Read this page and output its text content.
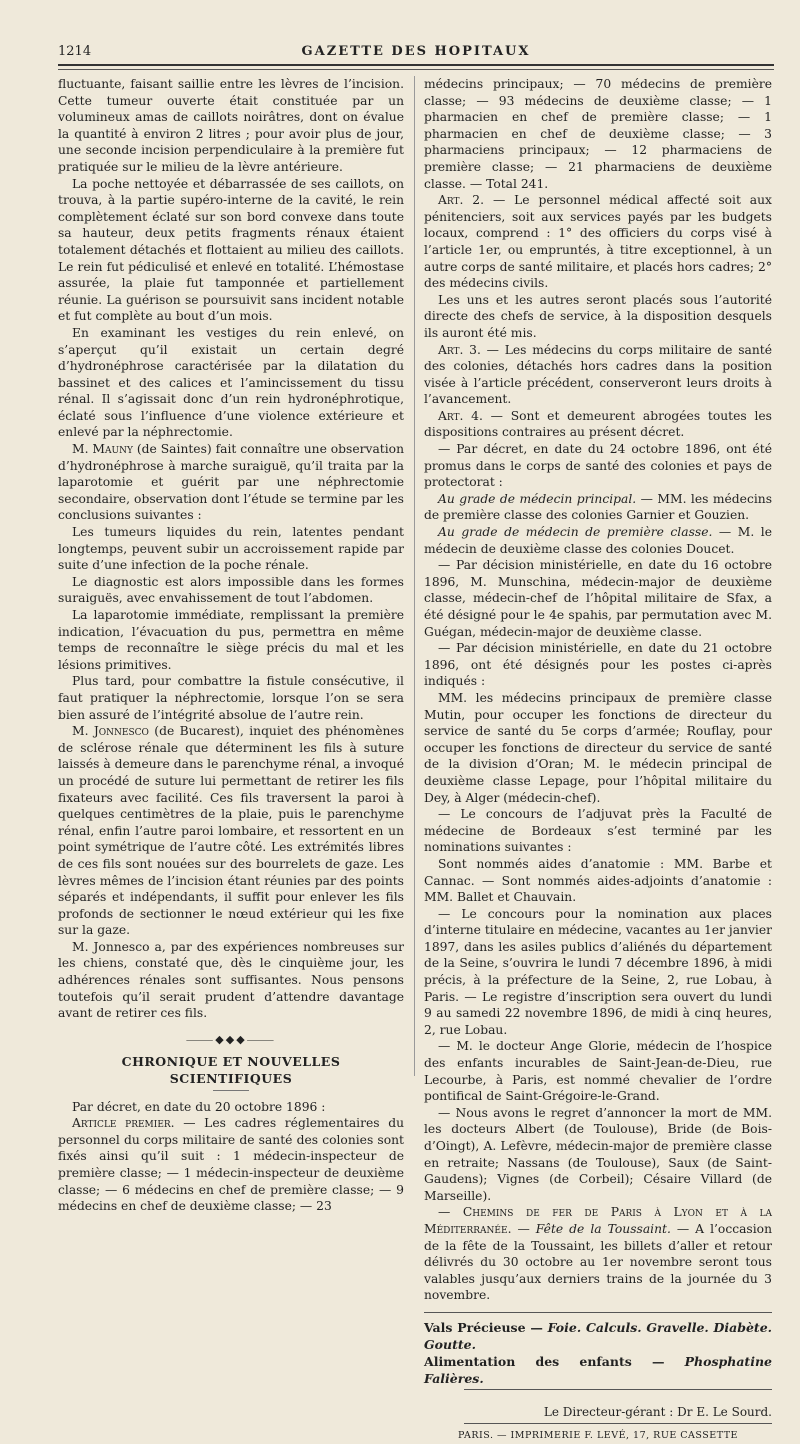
1214	GAZETTE DES HOPITAUX

fluctuante, faisant saillie entre les lèvres de l’incision. Cette tumeur ouverte était constituée par un volumineux amas de caillots noirâtres, dont on évalue la quantité à environ 2 litres ; pour avoir plus de jour, une seconde incision perpendiculaire à la première fut pratiquée sur le milieu de la lèvre antérieure.

La poche nettoyée et débarrassée de ses caillots, on trouva, à la partie supéro-interne de la cavité, le rein complètement éclaté sur son bord convexe dans toute sa hauteur, deux petits fragments rénaux étaient totalement détachés et flottaient au milieu des caillots. Le rein fut pédiculisé et enlevé en totalité. L’hémostase assurée, la plaie fut tamponnée et partiellement réunie. La guérison se poursuivit sans incident notable et fut complète au bout d’un mois.

En examinant les vestiges du rein enlevé, on s’aperçut qu’il existait un certain degré d’hydronéphrose caractérisée par la dilatation du bassinet et des calices et l’amincissement du tissu rénal. Il s’agissait donc d’un rein hydronéphrotique, éclaté sous l’influence d’une violence extérieure et enlevé par la néphrectomie.

M. Mauny (de Saintes) fait connaître une observation d’hydronéphrose à marche suraiguë, qu’il traita par la laparotomie et guérit par une néphrectomie secondaire, observation dont l’étude se termine par les conclusions suivantes :

Les tumeurs liquides du rein, latentes pendant longtemps, peuvent subir un accroissement rapide par suite d’une infection de la poche rénale.

Le diagnostic est alors impossible dans les formes suraiguës, avec envahissement de tout l’abdomen.

La laparotomie immédiate, remplissant la première indication, l’évacuation du pus, permettra en même temps de reconnaître le siège précis du mal et les lésions primitives.

Plus tard, pour combattre la fistule consécutive, il faut pratiquer la néphrectomie, lorsque l’on se sera bien assuré de l’intégrité absolue de l’autre rein.

M. Jonnesco (de Bucarest), inquiet des phénomènes de sclérose rénale que déterminent les fils à suture laissés à demeure dans le parenchyme rénal, a invoqué un procédé de suture lui permettant de retirer les fils fixateurs avec facilité. Ces fils traversent la paroi à quelques centimètres de la plaie, puis le parenchyme rénal, enfin l’autre paroi lombaire, et ressortent en un point symétrique de l’autre côté. Les extrémités libres de ces fils sont nouées sur des bourrelets de gaze. Les lèvres mêmes de l’incision étant réunies par des points séparés et indépendants, il suffit pour enlever les fils profonds de sectionner le nœud extérieur qui les fixe sur la gaze.

M. Jonnesco a, par des expériences nombreuses sur les chiens, constaté que, dès le cinquième jour, les adhérences rénales sont suffisantes. Nous pensons toutefois qu’il serait prudent d’attendre davantage avant de retirer ces fils.

⸻◆◆◆⸻
CHRONIQUE ET NOUVELLES SCIENTIFIQUES

Par décret, en date du 20 octobre 1896 :

Article premier. — Les cadres réglementaires du personnel du corps militaire de santé des colonies sont fixés ainsi qu’il suit : 1 médecin-inspecteur de première classe; — 1 médecin-inspecteur de deuxième classe; — 6 médecins en chef de première classe; — 9 médecins en chef de deuxième classe; — 23

médecins principaux; — 70 médecins de première classe; — 93 médecins de deuxième classe; — 1 pharmacien en chef de première classe; — 1 pharmacien en chef de deuxième classe; — 3 pharmaciens principaux; — 12 pharmaciens de première classe; — 21 pharmaciens de deuxième classe. — Total 241.

Art. 2. — Le personnel médical affecté soit aux pénitenciers, soit aux services payés par les budgets locaux, comprend : 1° des officiers du corps visé à l’article 1er, ou empruntés, à titre exceptionnel, à un autre corps de santé militaire, et placés hors cadres; 2° des médecins civils.

Les uns et les autres seront placés sous l’autorité directe des chefs de service, à la disposition desquels ils auront été mis.

Art. 3. — Les médecins du corps militaire de santé des colonies, détachés hors cadres dans la position visée à l’article précédent, conserveront leurs droits à l’avancement.

Art. 4. — Sont et demeurent abrogées toutes les dispositions contraires au présent décret.

— Par décret, en date du 24 octobre 1896, ont été promus dans le corps de santé des colonies et pays de protectorat :

Au grade de médecin principal. — MM. les médecins de première classe des colonies Garnier et Gouzien.

Au grade de médecin de première classe. — M. le médecin de deuxième classe des colonies Doucet.

— Par décision ministérielle, en date du 16 octobre 1896, M. Munschina, médecin-major de deuxième classe, médecin-chef de l’hôpital militaire de Sfax, a été désigné pour le 4e spahis, par permutation avec M. Guégan, médecin-major de deuxième classe.

— Par décision ministérielle, en date du 21 octobre 1896, ont été désignés pour les postes ci-après indiqués :

MM. les médecins principaux de première classe Mutin, pour occuper les fonctions de directeur du service de santé du 5e corps d’armée; Rouflay, pour occuper les fonctions de directeur du service de santé de la division d’Oran; M. le médecin principal de deuxième classe Lepage, pour l’hôpital militaire du Dey, à Alger (médecin-chef).

— Le concours de l’adjuvat près la Faculté de médecine de Bordeaux s’est terminé par les nominations suivantes :

Sont nommés aides d’anatomie : MM. Barbe et Cannac. — Sont nommés aides-adjoints d’anatomie : MM. Ballet et Chauvain.

— Le concours pour la nomination aux places d’interne titulaire en médecine, vacantes au 1er janvier 1897, dans les asiles publics d’aliénés du département de la Seine, s’ouvrira le lundi 7 décembre 1896, à midi précis, à la préfecture de la Seine, 2, rue Lobau, à Paris. — Le registre d’inscription sera ouvert du lundi 9 au samedi 22 novembre 1896, de midi à cinq heures, 2, rue Lobau.

— M. le docteur Ange Glorie, médecin de l’hospice des enfants incurables de Saint-Jean-de-Dieu, rue Lecourbe, à Paris, est nommé chevalier de l’ordre pontifical de Saint-Grégoire-le-Grand.

— Nous avons le regret d’annoncer la mort de MM. les docteurs Albert (de Toulouse), Bride (de Bois-d’Oingt), A. Lefèvre, médecin-major de première classe en retraite; Nassans (de Toulouse), Saux (de Saint-Gaudens); Vignes (de Corbeil); Césaire Villard (de Marseille).

— Chemins de fer de Paris à Lyon et à la Méditerranée. — Fête de la Toussaint. — A l’occasion de la fête de la Toussaint, les billets d’aller et retour délivrés du 30 octobre au 1er novembre seront tous valables jusqu’aux derniers trains de la journée du 3 novembre.

Vals Précieuse — Foie. Calculs. Gravelle. Diabète. Goutte.

Alimentation des enfants — Phosphatine Falières.

Le Directeur-gérant : Dr E. Le Sourd.

PARIS. — IMPRIMERIE F. LEVÉ, 17, RUE CASSETTE
